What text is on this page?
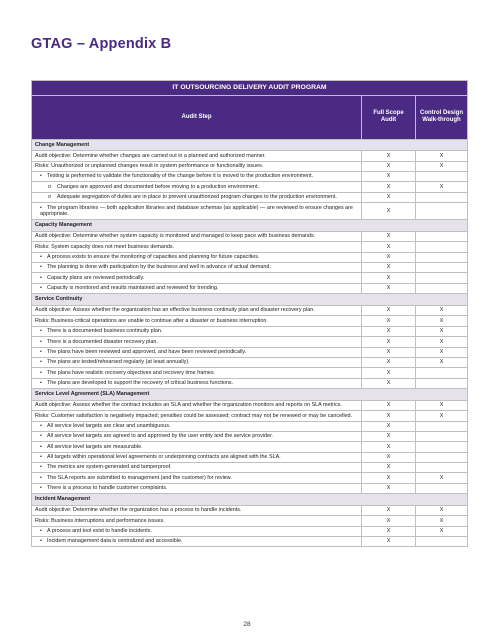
GTAG – Appendix B
IT OUTSOURCING DELIVERY AUDIT PROGRAM		
Audit Step	Full Scope Audit	Control Design Walk-through
Change Management		
Audit objective: Determine whether changes are carried out in a planned and authorized manner.	X	X
Risks: Unauthorized or unplanned changes result in system performance or functionality issues.	X	X
• Testing is performed to validate the functionality of the change before it is moved to the production environment.	X	
o Changes are approved and documented before moving to a production environment.	X	X
o Adequate segregation of duties are in place to prevent unauthorized program changes to the production environment.	X	
• The program libraries — both application libraries and database schemas (as applicable) — are reviewed to ensure changes are appropriate.	X	
Capacity Management		
Audit objective: Determine whether system capacity is monitored and managed to keep pace with business demands.	X	
Risks: System capacity does not meet business demands.	X	
• A process exists to ensure the monitoring of capacities and planning for future capacities.	X	
• The planning is done with participation by the business and well in advance of actual demand.	X	
• Capacity plans are reviewed periodically.	X	
• Capacity is monitored and results maintained and reviewed for trending.	X	
Service Continuity		
Audit objective: Assess whether the organization has an effective business continuity plan and disaster recovery plan.	X	X
Risks: Business-critical operations are unable to continue after a disaster or business interruption.	X	X
• There is a documented business continuity plan.	X	X
• There is a documented disaster recovery plan.	X	X
• The plans have been reviewed and approved, and have been reviewed periodically.	X	X
• The plans are tested/rehearsed regularly (at least annually).	X	X
• The plans have realistic recovery objectives and recovery time frames.	X	
• The plans are developed to support the recovery of critical business functions.	X	
Service Level Agreement (SLA) Management		
Audit objective: Assess whether the contract includes an SLA and whether the organization monitors and reports on SLA metrics.	X	X
Risks: Customer satisfaction is negatively impacted; penalties could be assessed; contract may not be renewed or may be cancelled.	X	X
• All service level targets are clear and unambiguous.	X	
• All service level targets are agreed to and approved by the user entity and the service provider.	X	
• All service level targets are measurable.	X	
• All targets within operational level agreements or underpinning contracts are aligned with the SLA.	X	
• The metrics are system-generated and tamperproof.	X	
• The SLA reports are submitted to management (and the customer) for review.	X	X
• There is a process to handle customer complaints.	X	
Incident Management		
Audit objective: Determine whether the organization has a process to handle incidents.	X	X
Risks: Business interruptions and performance issues.	X	X
• A process and tool exist to handle incidents.	X	X
• Incident management data is centralized and accessible.	X	
28
